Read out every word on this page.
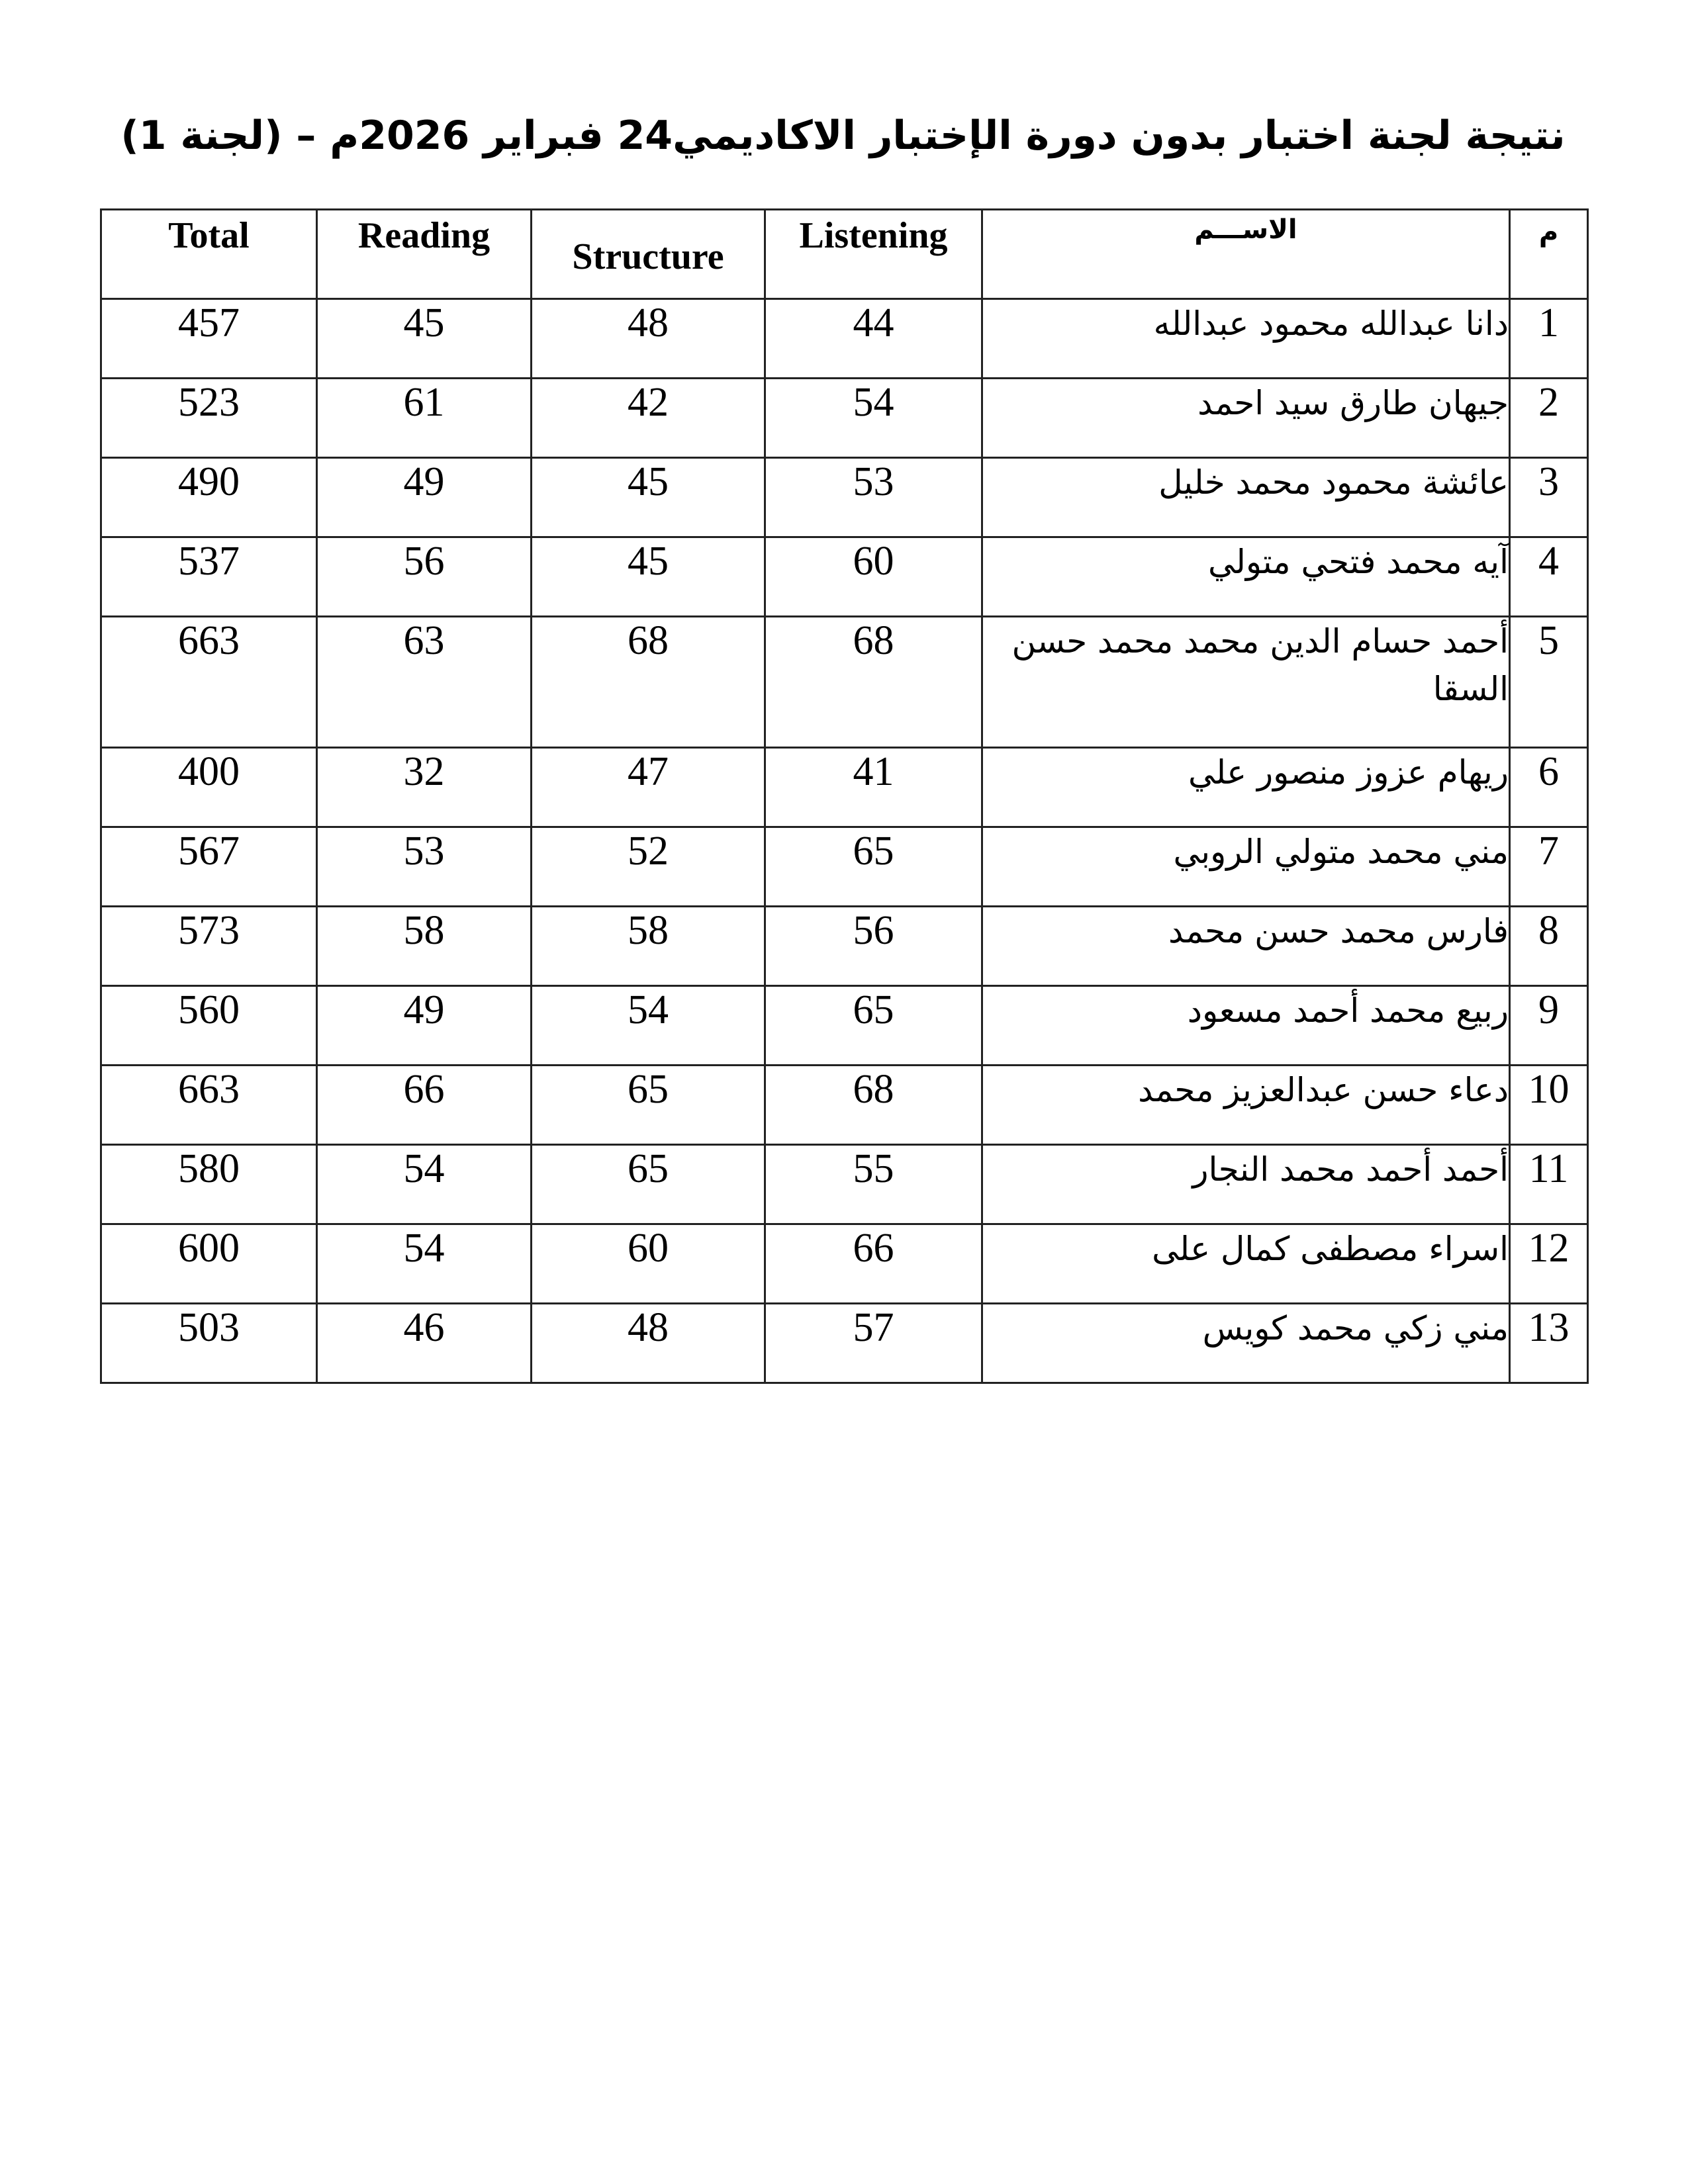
نتيجة لجنة اختبار بدون دورة الإختبار الاكاديمي24 فبراير 2026م – (لجنة 1)
Total	Reading	Structure	Listening	الاســـم	م
457	45	48	44	دانا عبدالله محمود عبدالله	1
523	61	42	54	جيهان طارق سيد احمد	2
490	49	45	53	عائشة محمود محمد خليل	3
537	56	45	60	آيه محمد فتحي متولي	4
663	63	68	68	أحمد حسام الدين محمد محمد حسن السقا	5
400	32	47	41	ريهام عزوز منصور علي	6
567	53	52	65	مني محمد متولي الروبي	7
573	58	58	56	فارس محمد حسن محمد	8
560	49	54	65	ربيع محمد أحمد مسعود	9
663	66	65	68	دعاء حسن عبدالعزيز محمد	10
580	54	65	55	أحمد أحمد محمد النجار	11
600	54	60	66	اسراء مصطفى كمال على	12
503	46	48	57	مني زكي محمد كويس	13
